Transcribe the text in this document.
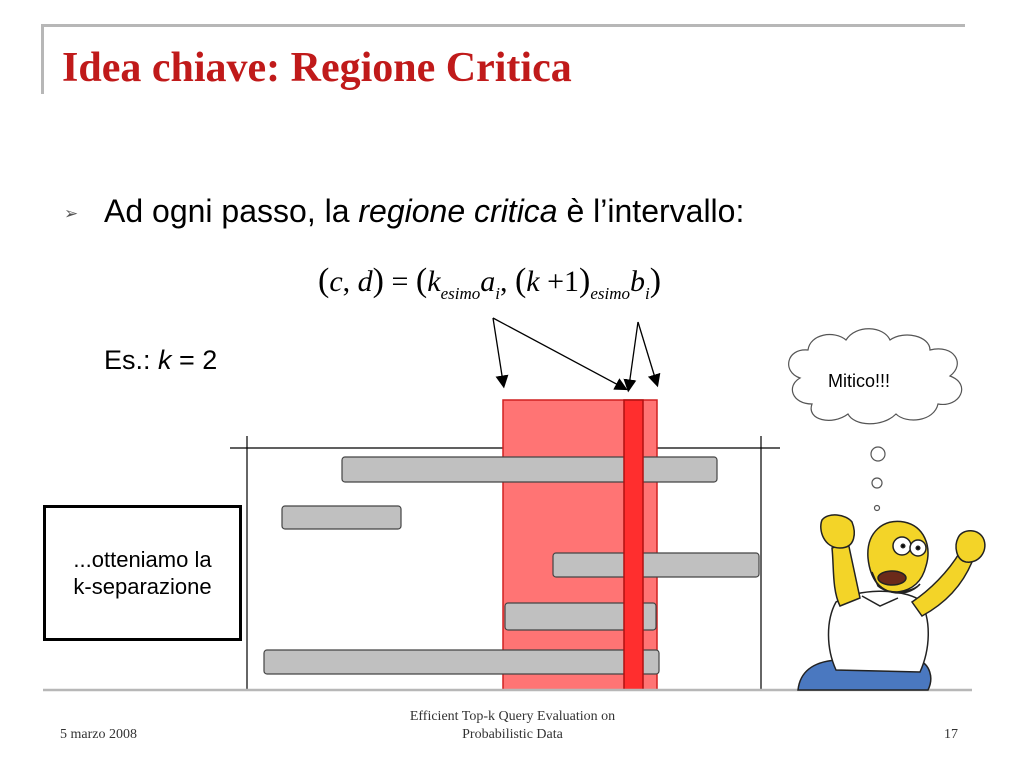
Idea chiave: Regione Critica
➢ Ad ogni passo, la regione critica è l’intervallo:
(c, $d) = (k_{esimo}a_i$, $(k +1)_{esimo}b_i$)
Es.: k = 2
Mitico!!!
...otteniamo la
k-separazione
5 marzo 2008
Efficient Top-k Query Evaluation on Probabilistic Data	17
